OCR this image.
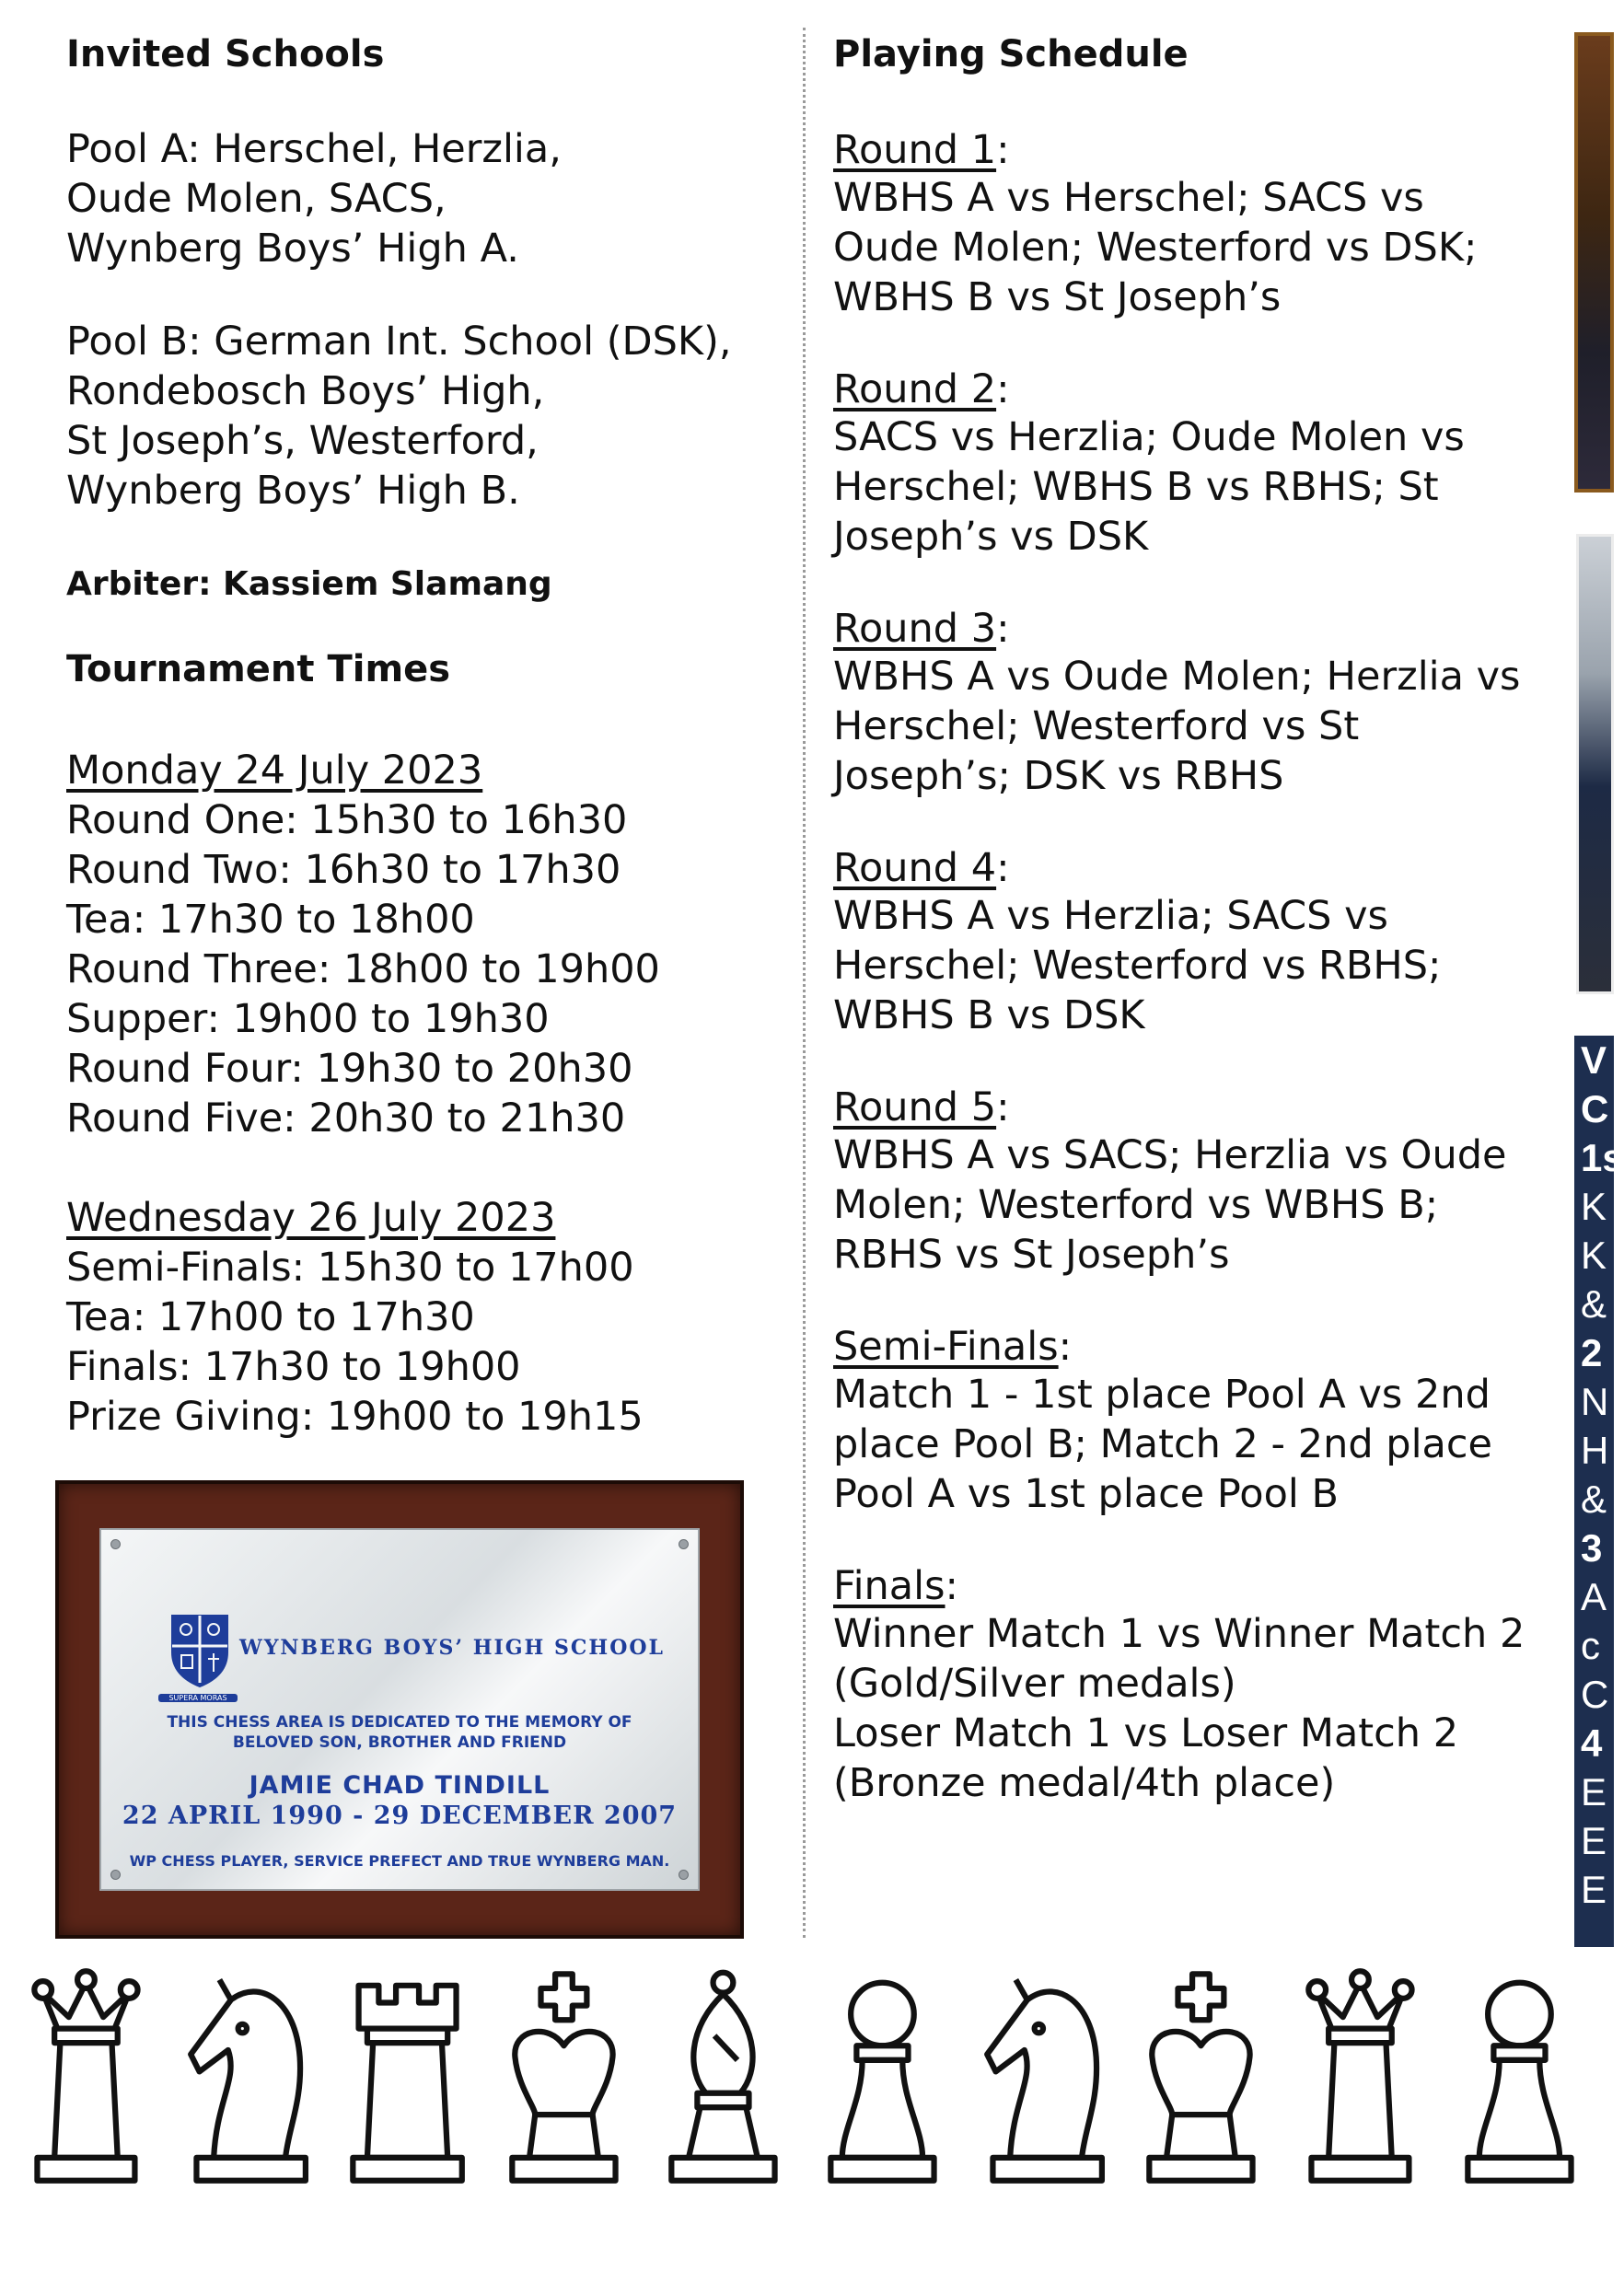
Invited Schools
Pool A: Herschel, Herzlia,
Oude Molen, SACS,
Wynberg Boys’ High A.
Pool B: German Int. School (DSK),
Rondebosch Boys’ High,
St Joseph’s, Westerford,
Wynberg Boys’ High B.
Arbiter: Kassiem Slamang
Tournament Times
Monday 24 July 2023
Round One: 15h30 to 16h30
Round Two: 16h30 to 17h30
Tea: 17h30 to 18h00
Round Three: 18h00 to 19h00
Supper: 19h00 to 19h30
Round Four: 19h30 to 20h30
Round Five: 20h30 to 21h30
Wednesday 26 July 2023
Semi-Finals: 15h30 to 17h00
Tea: 17h00 to 17h30
Finals: 17h30 to 19h00
Prize Giving: 19h00 to 19h15
SUPERA MORAS
WYNBERG BOYS’ HIGH SCHOOL
THIS CHESS AREA IS DEDICATED TO THE MEMORY OF
BELOVED SON, BROTHER AND FRIEND
JAMIE CHAD TINDILL
22 APRIL 1990 - 29 DECEMBER 2007
WP CHESS PLAYER, SERVICE PREFECT AND TRUE WYNBERG MAN.
Playing Schedule
Round 1:
WBHS A vs Herschel; SACS vs
Oude Molen; Westerford vs DSK;
WBHS B vs St Joseph’s
Round 2:
SACS vs Herzlia; Oude Molen vs
Herschel; WBHS B vs RBHS; St
Joseph’s vs DSK
Round 3:
WBHS A vs Oude Molen; Herzlia vs
Herschel; Westerford vs St
Joseph’s; DSK vs RBHS
Round 4:
WBHS A vs Herzlia; SACS vs
Herschel; Westerford vs RBHS;
WBHS B vs DSK
Round 5:
WBHS A vs SACS; Herzlia vs Oude
Molen; Westerford vs WBHS B;
RBHS vs St Joseph’s
Semi-Finals:
Match 1 - 1st place Pool A vs 2nd
place Pool B; Match 2 - 2nd place
Pool A vs 1st place Pool B
Finals:
Winner Match 1 vs Winner Match 2
(Gold/Silver medals)
Loser Match 1 vs Loser Match 2
(Bronze medal/4th place)
V
C
1s
K
K
&
2
N
H
&
3
A
c
C
4
E
E
E
